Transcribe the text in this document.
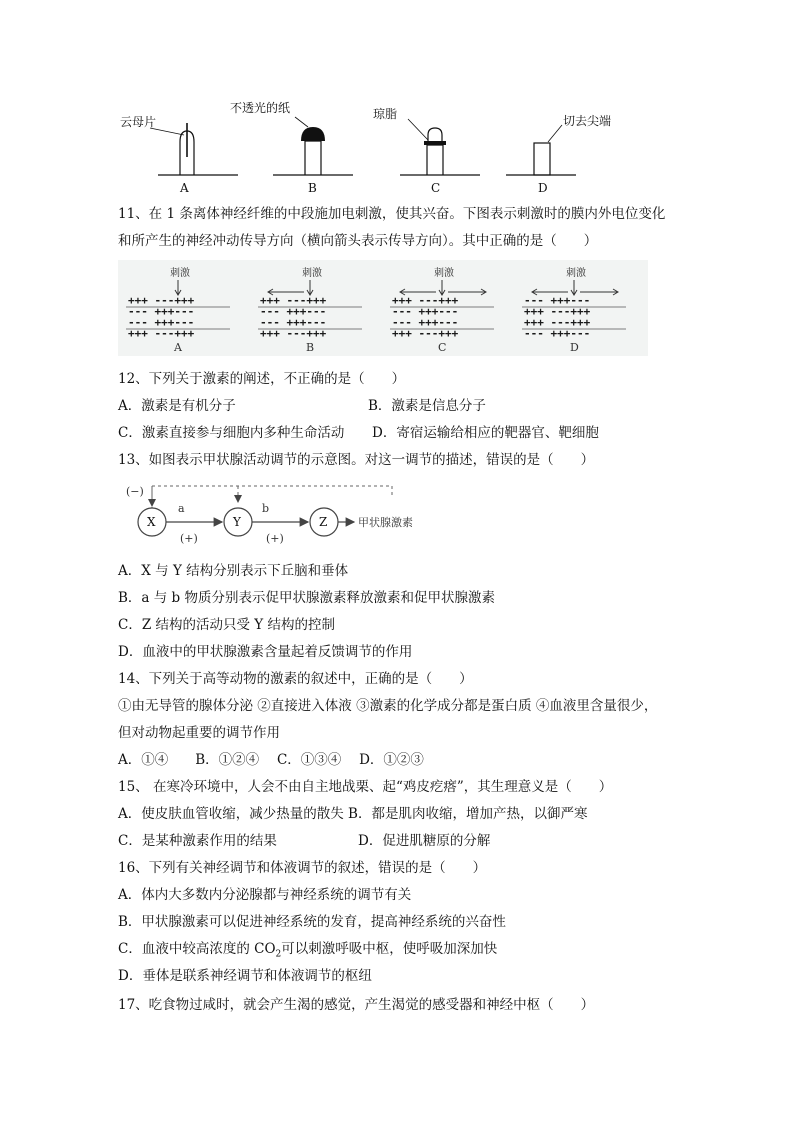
云母片
A
不透光的纸
B
琼脂
C
切去尖端
D
11、在 1 条离体神经纤维的中段施加电刺激，使其兴奋。下图表示刺激时的膜内外电位变化
和所产生的神经冲动传导方向（横向箭头表示传导方向）。其中正确的是（　　）
刺激
+++ ---+++
--- +++---
--- +++---
+++ ---+++
A
刺激
+++ ---+++
--- +++---
--- +++---
+++ ---+++
B
刺激
+++ ---+++
--- +++---
--- +++---
+++ ---+++
C
刺激
--- +++---
+++ ---+++
+++ ---+++
--- +++---
D
12、下列关于激素的阐述，不正确的是（　　）
A．激素是有机分子	B．激素是信息分子
C．激素直接参与细胞内多种生命活动 D．寄宿运输给相应的靶器官、靶细胞
13、如图表示甲状腺活动调节的示意图。对这一调节的描述，错误的是（　　）
(−)
X	Y	Z
a	b
(+)	(+)
甲状腺激素
A．X 与 Y 结构分别表示下丘脑和垂体
B．a 与 b 物质分别表示促甲状腺激素释放激素和促甲状腺激素
C．Z 结构的活动只受 Y 结构的控制
D．血液中的甲状腺激素含量起着反馈调节的作用
14、下列关于高等动物的激素的叙述中，正确的是（　　）
①由无导管的腺体分泌 ②直接进入体液 ③激素的化学成分都是蛋白质 ④血液里含量很少，
但对动物起重要的调节作用
A．①④　　B．①②④　 C．①③④　 D．①②③
15、 在寒冷环境中，人会不由自主地战栗、起“鸡皮疙瘩”，其生理意义是（　　）
A．使皮肤血管收缩，减少热量的散失 B．都是肌肉收缩，增加产热，以御严寒
C．是某种激素作用的结果	D．促进肌糖原的分解
16、下列有关神经调节和体液调节的叙述，错误的是（　　）
A．体内大多数内分泌腺都与神经系统的调节有关
B．甲状腺激素可以促进神经系统的发育，提高神经系统的兴奋性
C．血液中较高浓度的 $CO_2$可以刺激呼吸中枢，使呼吸加深加快
D．垂体是联系神经调节和体液调节的枢纽
17、吃食物过咸时，就会产生渴的感觉，产生渴觉的感受器和神经中枢（　　）
